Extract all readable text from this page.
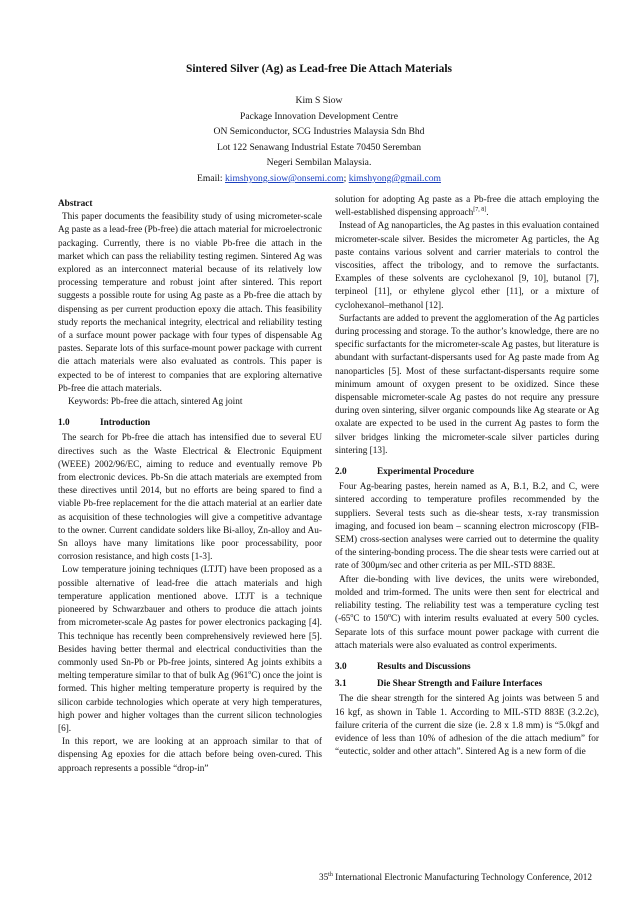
Sintered Silver (Ag) as Lead-free Die Attach Materials
Kim S Siow
Package Innovation Development Centre
ON Semiconductor, SCG Industries Malaysia Sdn Bhd
Lot 122 Senawang Industrial Estate 70450 Seremban
Negeri Sembilan Malaysia.
Email: kimshyong.siow@onsemi.com; kimshyong@gmail.com

Abstract

This paper documents the feasibility study of using micrometer-scale Ag paste as a lead-free (Pb-free) die attach material for microelectronic packaging. Currently, there is no viable Pb-free die attach in the market which can pass the reliability testing regimen. Sintered Ag was explored as an interconnect material because of its relatively low processing temperature and robust joint after sintered. This report suggests a possible route for using Ag paste as a Pb-free die attach by dispensing as per current production epoxy die attach. This feasibility study reports the mechanical integrity, electrical and reliability testing of a surface mount power package with four types of dispensable Ag pastes. Separate lots of this surface-mount power package with current die attach materials were also evaluated as controls. This paper is expected to be of interest to companies that are exploring alternative Pb-free die attach materials.

Keywords: Pb-free die attach, sintered Ag joint

1.0	Introduction

The search for Pb-free die attach has intensified due to several EU directives such as the Waste Electrical & Electronic Equipment (WEEE) 2002/96/EC, aiming to reduce and eventually remove Pb from electronic devices. Pb-Sn die attach materials are exempted from these directives until 2014, but no efforts are being spared to find a viable Pb-free replacement for the die attach material at an earlier date as acquisition of these technologies will give a competitive advantage to the owner. Current candidate solders like Bi-alloy, Zn-alloy and Au-Sn alloys have many limitations like poor processability, poor corrosion resistance, and high costs [1-3].

Low temperature joining techniques (LTJT) have been proposed as a possible alternative of lead-free die attach materials and high temperature application mentioned above. LTJT is a technique pioneered by Schwarzbauer and others to produce die attach joints from micrometer-scale Ag pastes for power electronics packaging [4]. This technique has recently been comprehensively reviewed here [5]. Besides having better thermal and electrical conductivities than the commonly used Sn-Pb or Pb-free joints, sintered Ag joints exhibits a melting temperature similar to that of bulk Ag (961$^o$C) once the joint is formed. This higher melting temperature property is required by the silicon carbide technologies which operate at very high temperatures, high power and higher voltages than the current silicon technologies [6].

In this report, we are looking at an approach similar to that of dispensing Ag epoxies for die attach before being oven-cured. This approach represents a possible “drop-in”

solution for adopting Ag paste as a Pb-free die attach employing the well-established dispensing approach[7, 8].

Instead of Ag nanoparticles, the Ag pastes in this evaluation contained micrometer-scale silver. Besides the micrometer Ag particles, the Ag paste contains various solvent and carrier materials to control the viscosities, affect the tribology, and to remove the surfactants. Examples of these solvents are cyclohexanol [9, 10], butanol [7], terpineol [11], or ethylene glycol ether [11], or a mixture of cyclohexanol–methanol [12].

Surfactants are added to prevent the agglomeration of the Ag particles during processing and storage. To the author’s knowledge, there are no specific surfactants for the micrometer-scale Ag pastes, but literature is abundant with surfactant-dispersants used for Ag paste made from Ag nanoparticles [5]. Most of these surfactant-dispersants require some minimum amount of oxygen present to be oxidized. Since these dispensable micrometer-scale Ag pastes do not require any pressure during oven sintering, silver organic compounds like Ag stearate or Ag oxalate are expected to be used in the current Ag pastes to form the silver bridges linking the micrometer-scale silver particles during sintering [13].

2.0	Experimental Procedure

Four Ag-bearing pastes, herein named as A, B.1, B.2, and C, were sintered according to temperature profiles recommended by the suppliers. Several tests such as die-shear tests, x-ray transmission imaging, and focused ion beam – scanning electron microscopy (FIB-SEM) cross-section analyses were carried out to determine the quality of the sintering-bonding process. The die shear tests were carried out at rate of 300μm/sec and other criteria as per MIL-STD 883E.

After die-bonding with live devices, the units were wirebonded, molded and trim-formed. The units were then sent for electrical and reliability testing. The reliability test was a temperature cycling test (-65$^o$C to 150$^o$C) with interim results evaluated at every 500 cycles. Separate lots of this surface mount power package with current die attach materials were also evaluated as control experiments.

3.0	Results and Discussions

3.1	Die Shear Strength and Failure Interfaces

The die shear strength for the sintered Ag joints was between 5 and 16 kgf, as shown in Table 1. According to MIL-STD 883E (3.2.2c), failure criteria of the current die size (ie. 2.8 x 1.8 mm) is “5.0kgf and evidence of less than 10% of adhesion of the die attach medium” for “eutectic, solder and other attach”. Sintered Ag is a new form of die

35th International Electronic Manufacturing Technology Conference, 2012
